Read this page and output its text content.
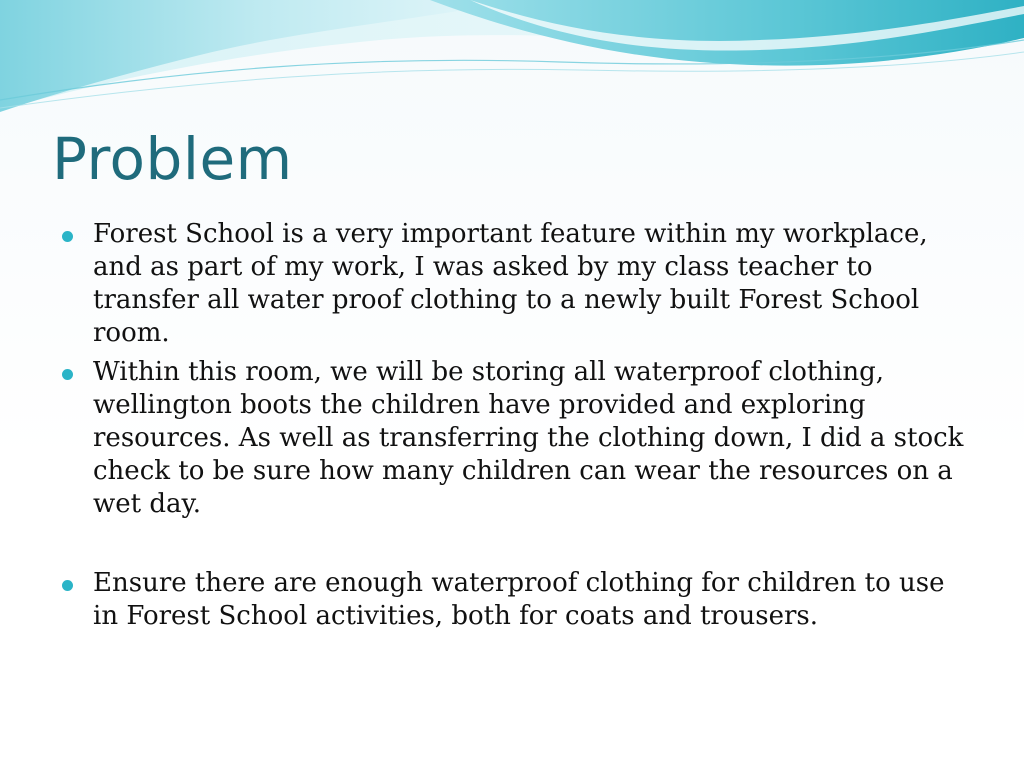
Problem
Forest School is a very important feature within my workplace, and as part of my work, I was asked by my class teacher to transfer all water proof clothing to a newly built Forest School room.
Within this room, we will be storing all waterproof clothing, wellington boots the children have provided and exploring resources. As well as transferring the clothing down, I did a stock check to be sure how many children can wear the resources on a wet day.
Ensure there are enough waterproof clothing for children to use in Forest School activities, both for coats and trousers.
